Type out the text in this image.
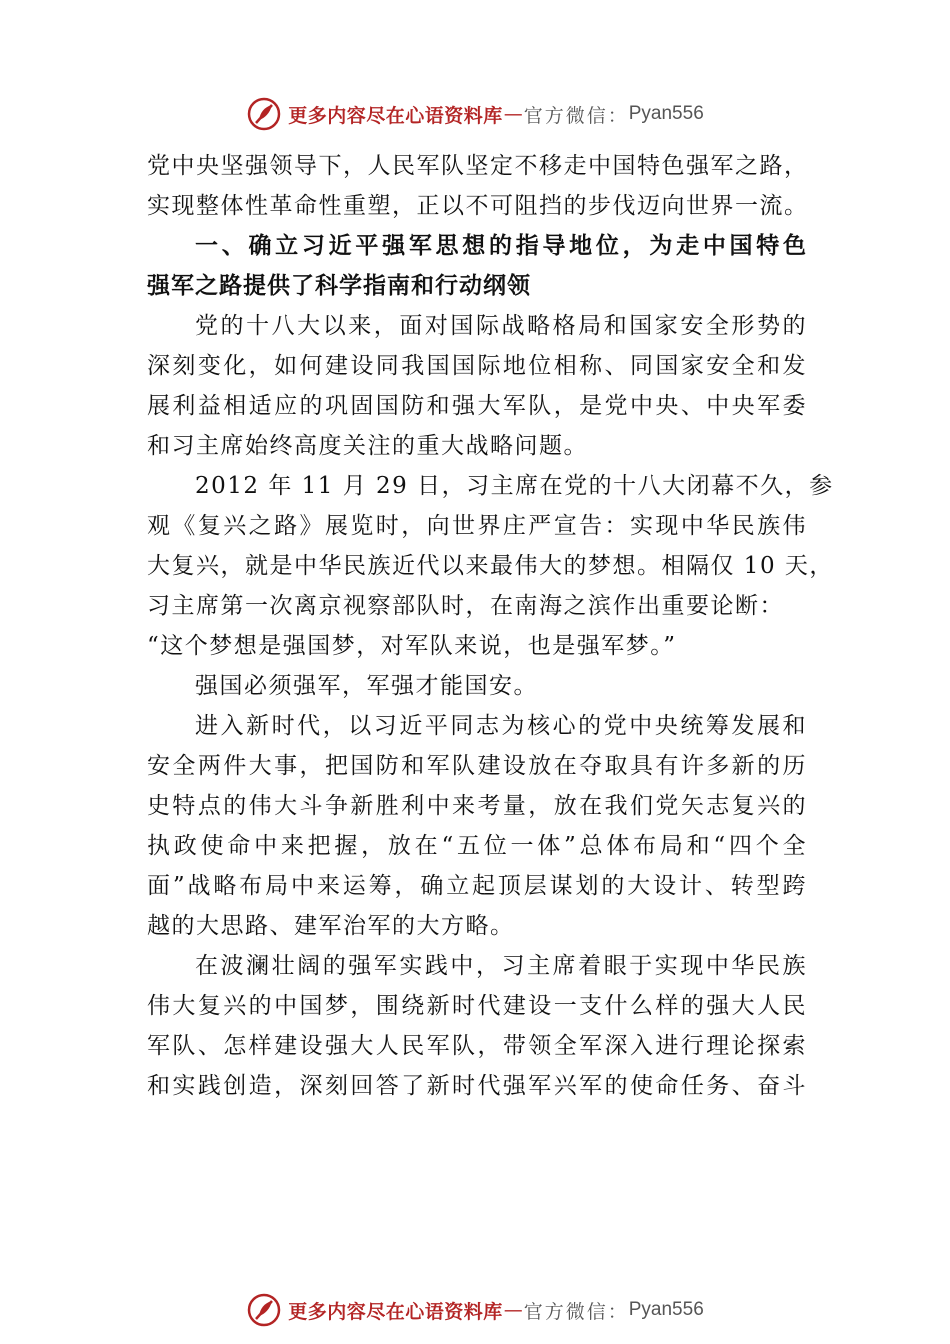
更多内容尽在心语资料库 — 官方微信： Pyan556
党中央坚强领导下，人民军队坚定不移走中国特色强军之路，
实现整体性革命性重塑，正以不可阻挡的步伐迈向世界一流。
一、确立习近平强军思想的指导地位，为走中国特色
强军之路提供了科学指南和行动纲领
党的十八大以来，面对国际战略格局和国家安全形势的
深刻变化，如何建设同我国国际地位相称、同国家安全和发
展利益相适应的巩固国防和强大军队，是党中央、中央军委
和习主席始终高度关注的重大战略问题。
2012 年 11 月 29 日，习主席在党的十八大闭幕不久，参
观《复兴之路》展览时，向世界庄严宣告：实现中华民族伟
大复兴，就是中华民族近代以来最伟大的梦想。相隔仅 10 天，
习主席第一次离京视察部队时，在南海之滨作出重要论断：
“这个梦想是强国梦，对军队来说，也是强军梦。”
强国必须强军，军强才能国安。
进入新时代，以习近平同志为核心的党中央统筹发展和
安全两件大事，把国防和军队建设放在夺取具有许多新的历
史特点的伟大斗争新胜利中来考量，放在我们党矢志复兴的
执政使命中来把握，放在“五位一体”总体布局和“四个全
面”战略布局中来运筹，确立起顶层谋划的大设计、转型跨
越的大思路、建军治军的大方略。
在波澜壮阔的强军实践中，习主席着眼于实现中华民族
伟大复兴的中国梦，围绕新时代建设一支什么样的强大人民
军队、怎样建设强大人民军队，带领全军深入进行理论探索
和实践创造，深刻回答了新时代强军兴军的使命任务、奋斗
更多内容尽在心语资料库 — 官方微信： Pyan556
